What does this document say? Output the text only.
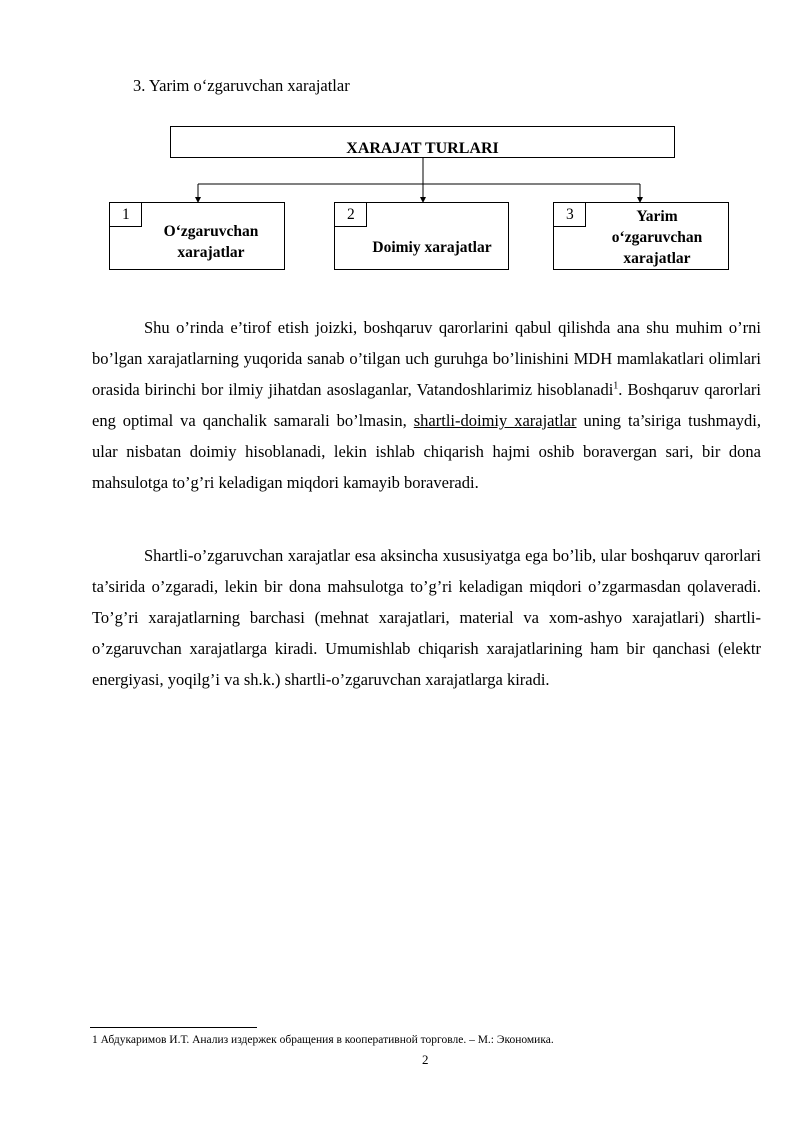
3. Yarim o‘zgaruvchan xarajatlar
XARAJAT TURLARI
1
O‘zgaruvchan xarajatlar
2
Doimiy xarajatlar
3	Yarim o‘zgaruvchan xarajatlar

Shu o’rinda e’tirof etish joizki, boshqaruv qarorlarini qabul qilishda ana shu muhim o’rni bo’lgan xarajatlarning yuqorida sanab o’tilgan uch guruhga bo’linishini MDH mamlakatlari olimlari orasida birinchi bor ilmiy jihatdan asoslaganlar, Vatandoshlarimiz hisoblanadi$^1$. Boshqaruv qarorlari eng optimal va qanchalik samarali bo’lmasin, shartli-doimiy xarajatlar uning ta’siriga tushmaydi, ular nisbatan doimiy hisoblanadi, lekin ishlab chiqarish hajmi oshib boravergan sari, bir dona mahsulotga to’g’ri keladigan miqdori kamayib boraveradi.

Shartli-o’zgaruvchan xarajatlar esa aksincha xususiyatga ega bo’lib, ular boshqaruv qarorlari ta’sirida o’zgaradi, lekin bir dona mahsulotga to’g’ri keladigan miqdori o’zgarmasdan qolaveradi. To’g’ri xarajatlarning barchasi (mehnat xarajatlari, material va xom-ashyo xarajatlari) shartli-o’zgaruvchan xarajatlarga kiradi. Umumishlab chiqarish xarajatlarining ham bir qanchasi (elektr energiyasi, yoqilg’i va sh.k.) shartli-o’zgaruvchan xarajatlarga kiradi.

1 Абдукаримов И.Т. Анализ издержек обращения в кооперативной торговле. – М.: Экономика.
2
